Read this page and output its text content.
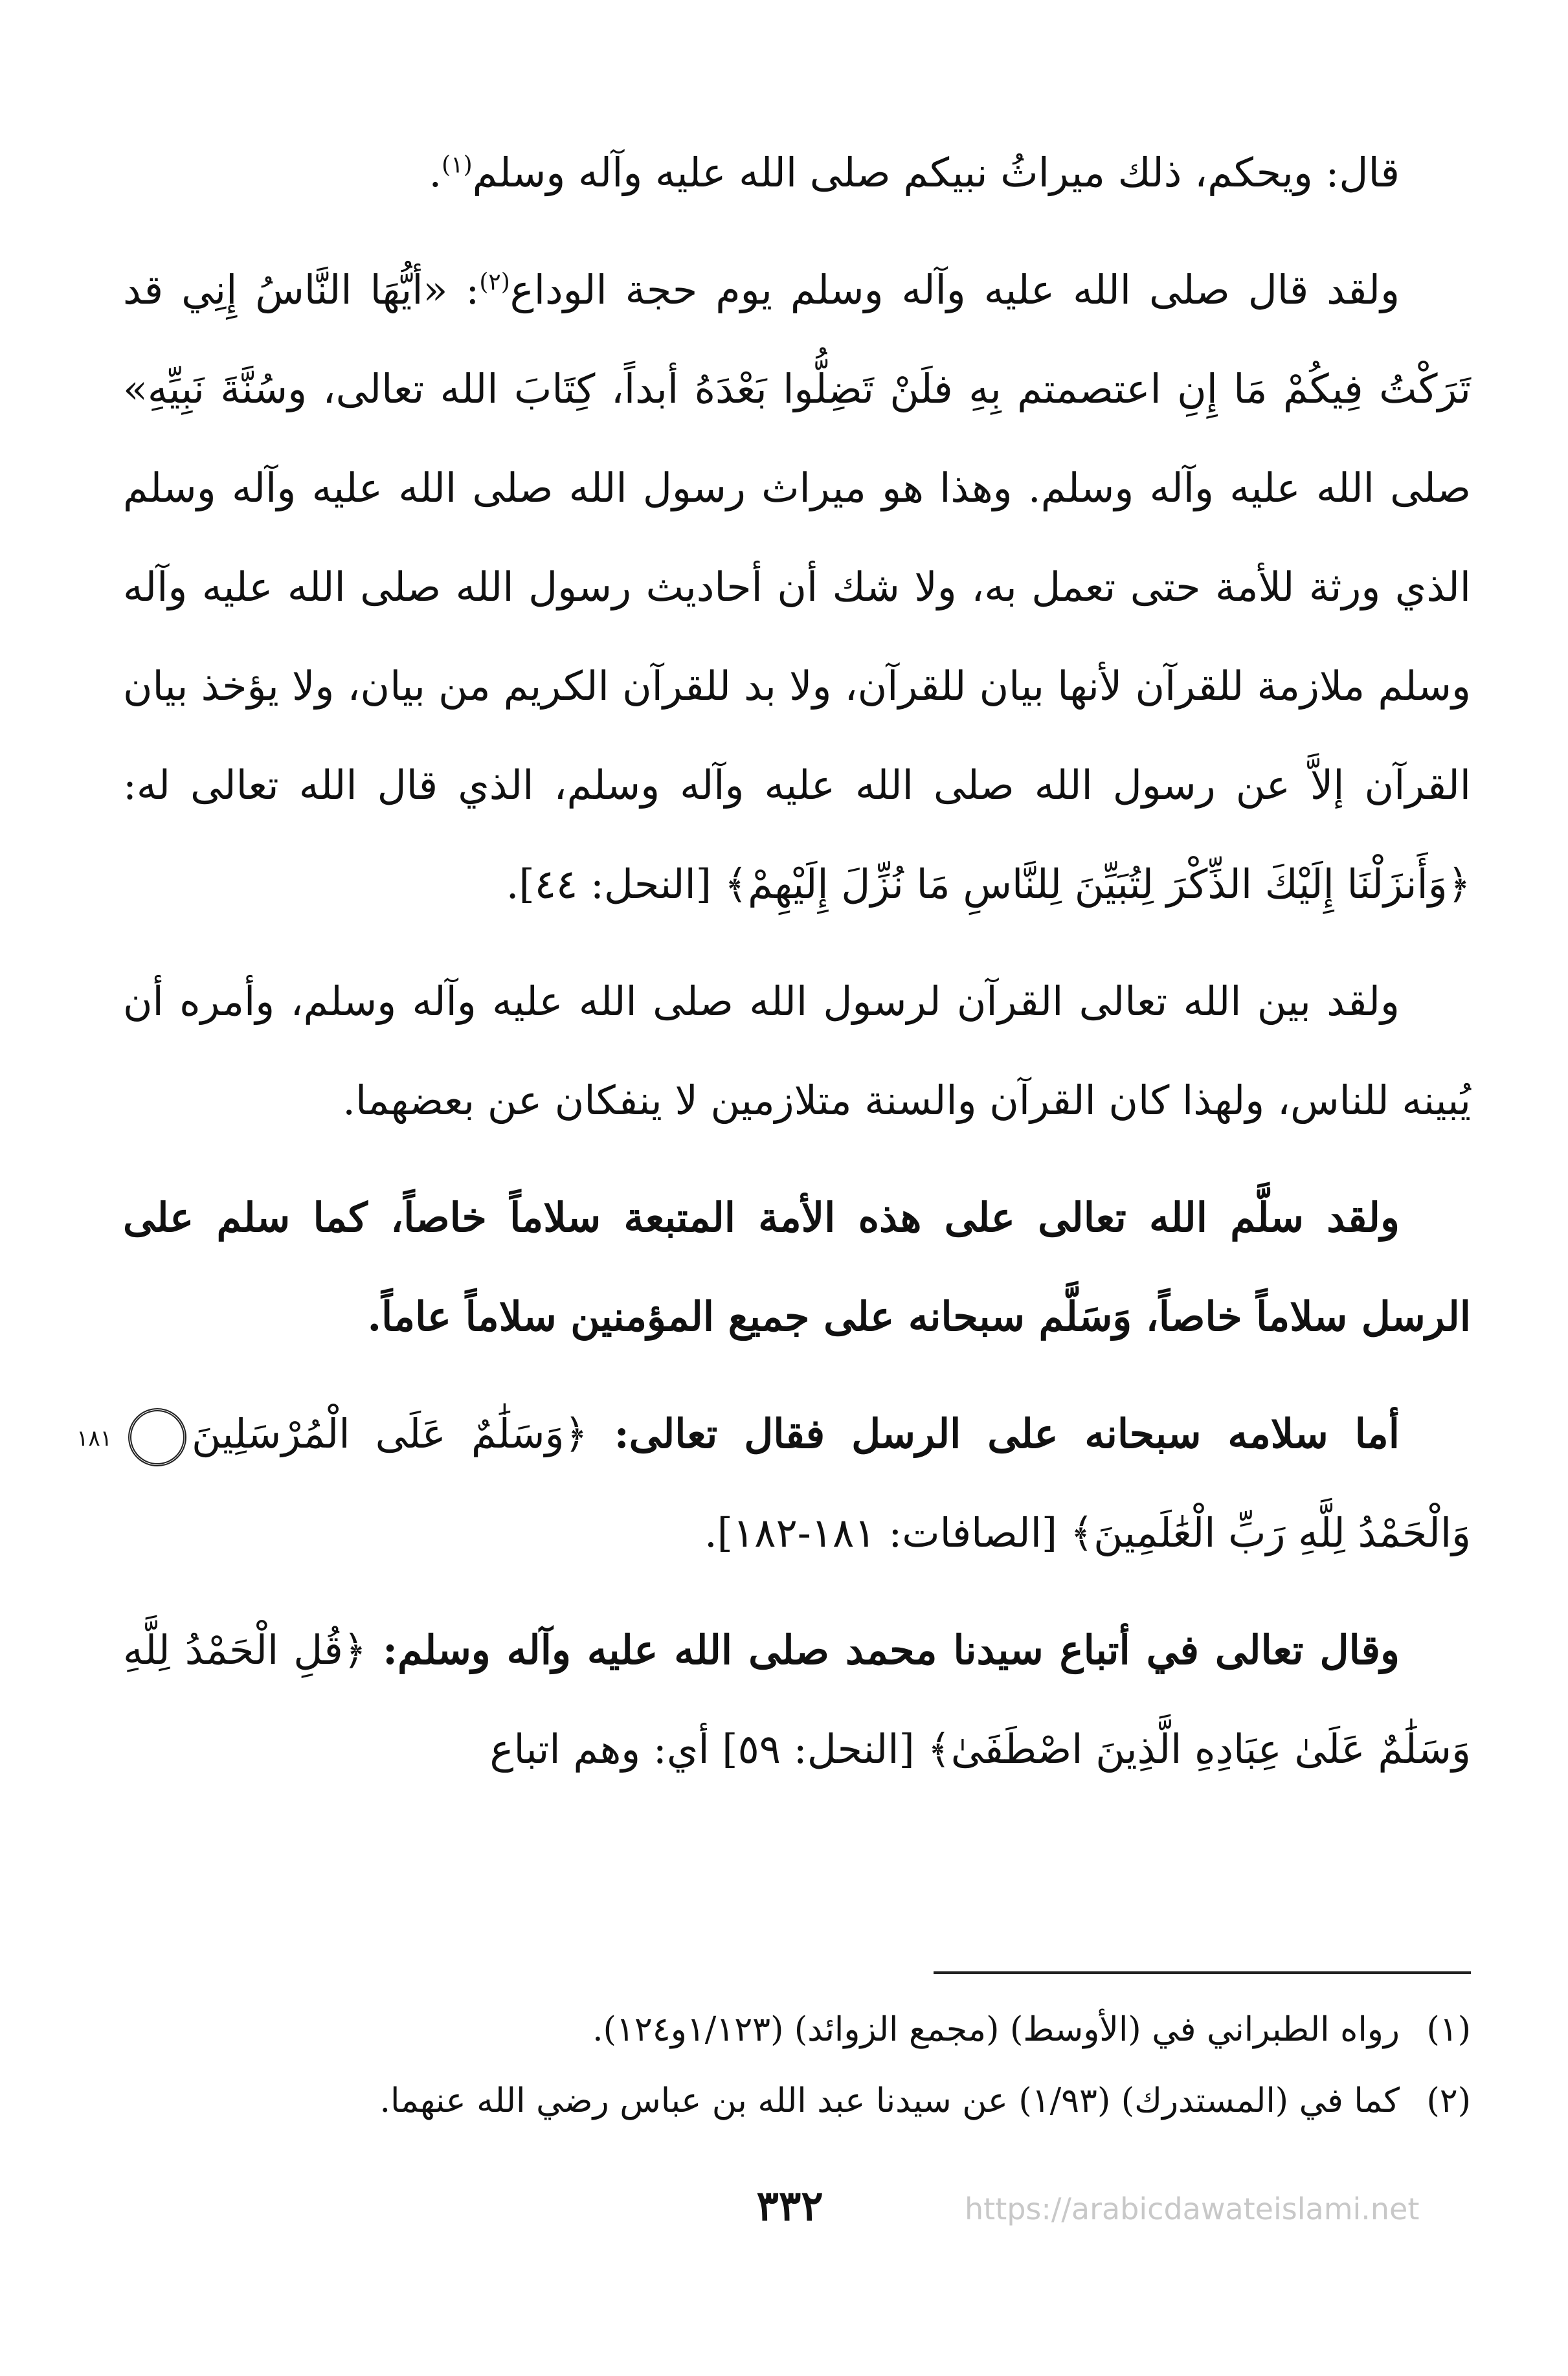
قال: ويحكم، ذلك ميراثُ نبيكم صلى الله عليه وآله وسلم$^{(١)}$.

ولقد قال صلى الله عليه وآله وسلم يوم حجة الوداع$^{(٢)}$: «أيُّهَا النَّاسُ إِنِي قد تَرَكْتُ فِيكُمْ مَا إِنِ اعتصمتم بِهِ فلَنْ تَضِلُّوا بَعْدَهُ أبداً، كِتَابَ الله تعالى، وسُنَّةَ نَبِيِّهِ» صلى الله عليه وآله وسلم. وهذا هو ميراث رسول الله صلى الله عليه وآله وسلم الذي ورثة للأمة حتى تعمل به، ولا شك أن أحاديث رسول الله صلى الله عليه وآله وسلم ملازمة للقرآن لأنها بيان للقرآن، ولا بد للقرآن الكريم من بيان، ولا يؤخذ بيان القرآن إلاَّ عن رسول الله صلى الله عليه وآله وسلم، الذي قال الله تعالى له: ﴿وَأَنزَلْنَا إِلَيْكَ الذِّكْرَ لِتُبَيِّنَ لِلنَّاسِ مَا نُزِّلَ إِلَيْهِمْ﴾ [النحل: ٤٤].

ولقد بين الله تعالى القرآن لرسول الله صلى الله عليه وآله وسلم، وأمره أن يُبينه للناس، ولهذا كان القرآن والسنة متلازمين لا ينفكان عن بعضهما.

ولقد سلَّم الله تعالى على هذه الأمة المتبعة سلاماً خاصاً، كما سلم على الرسل سلاماً خاصاً، وَسَلَّم سبحانه على جميع المؤمنين سلاماً عاماً.

أما سلامه سبحانه على الرسل فقال تعالى: ﴿وَسَلَٰمٌ عَلَى الْمُرْسَلِينَ١٨١وَالْحَمْدُ لِلَّهِ رَبِّ الْعَٰلَمِينَ﴾ [الصافات: ١٨١-١٨٢].

وقال تعالى في أتباع سيدنا محمد صلى الله عليه وآله وسلم: ﴿قُلِ الْحَمْدُ لِلَّهِ وَسَلَٰمٌ عَلَىٰ عِبَادِهِ الَّذِينَ اصْطَفَىٰ﴾ [النحل: ٥٩] أي: وهم اتباع

(١)رواه الطبراني في (الأوسط) (مجمع الزوائد) (١/١٢٣و١٢٤).

(٢)كما في (المستدرك) (١/٩٣) عن سيدنا عبد الله بن عباس رضي الله عنهما.

٣٣٢	https://arabicdawateislami.net
